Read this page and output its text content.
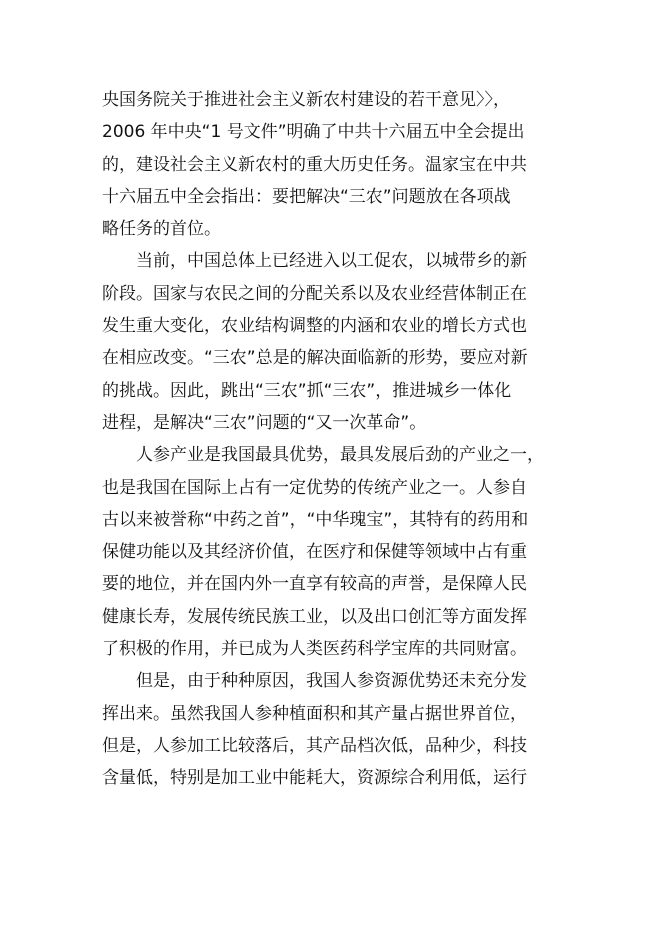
央国务院关于推进社会主义新农村建设的若干意见〉〉，
2006 年中央“1 号文件”明确了中共十六届五中全会提出
的，建设社会主义新农村的重大历史任务。温家宝在中共
十六届五中全会指出：要把解决“三农”问题放在各项战
略任务的首位。
当前，中国总体上已经进入以工促农，以城带乡的新
阶段。国家与农民之间的分配关系以及农业经营体制正在
发生重大变化，农业结构调整的内涵和农业的增长方式也
在相应改变。“三农”总是的解决面临新的形势，要应对新
的挑战。因此，跳出“三农”抓“三农”，推进城乡一体化
进程，是解决“三农”问题的“又一次革命”。
人参产业是我国最具优势，最具发展后劲的产业之一，
也是我国在国际上占有一定优势的传统产业之一。人参自
古以来被誉称“中药之首”，“中华瑰宝”，其特有的药用和
保健功能以及其经济价值，在医疗和保健等领域中占有重
要的地位，并在国内外一直享有较高的声誉，是保障人民
健康长寿，发展传统民族工业，以及出口创汇等方面发挥
了积极的作用，并已成为人类医药科学宝库的共同财富。
但是，由于种种原因，我国人参资源优势还未充分发
挥出来。虽然我国人参种植面积和其产量占据世界首位，
但是，人参加工比较落后，其产品档次低，品种少，科技
含量低，特别是加工业中能耗大，资源综合利用低，运行
